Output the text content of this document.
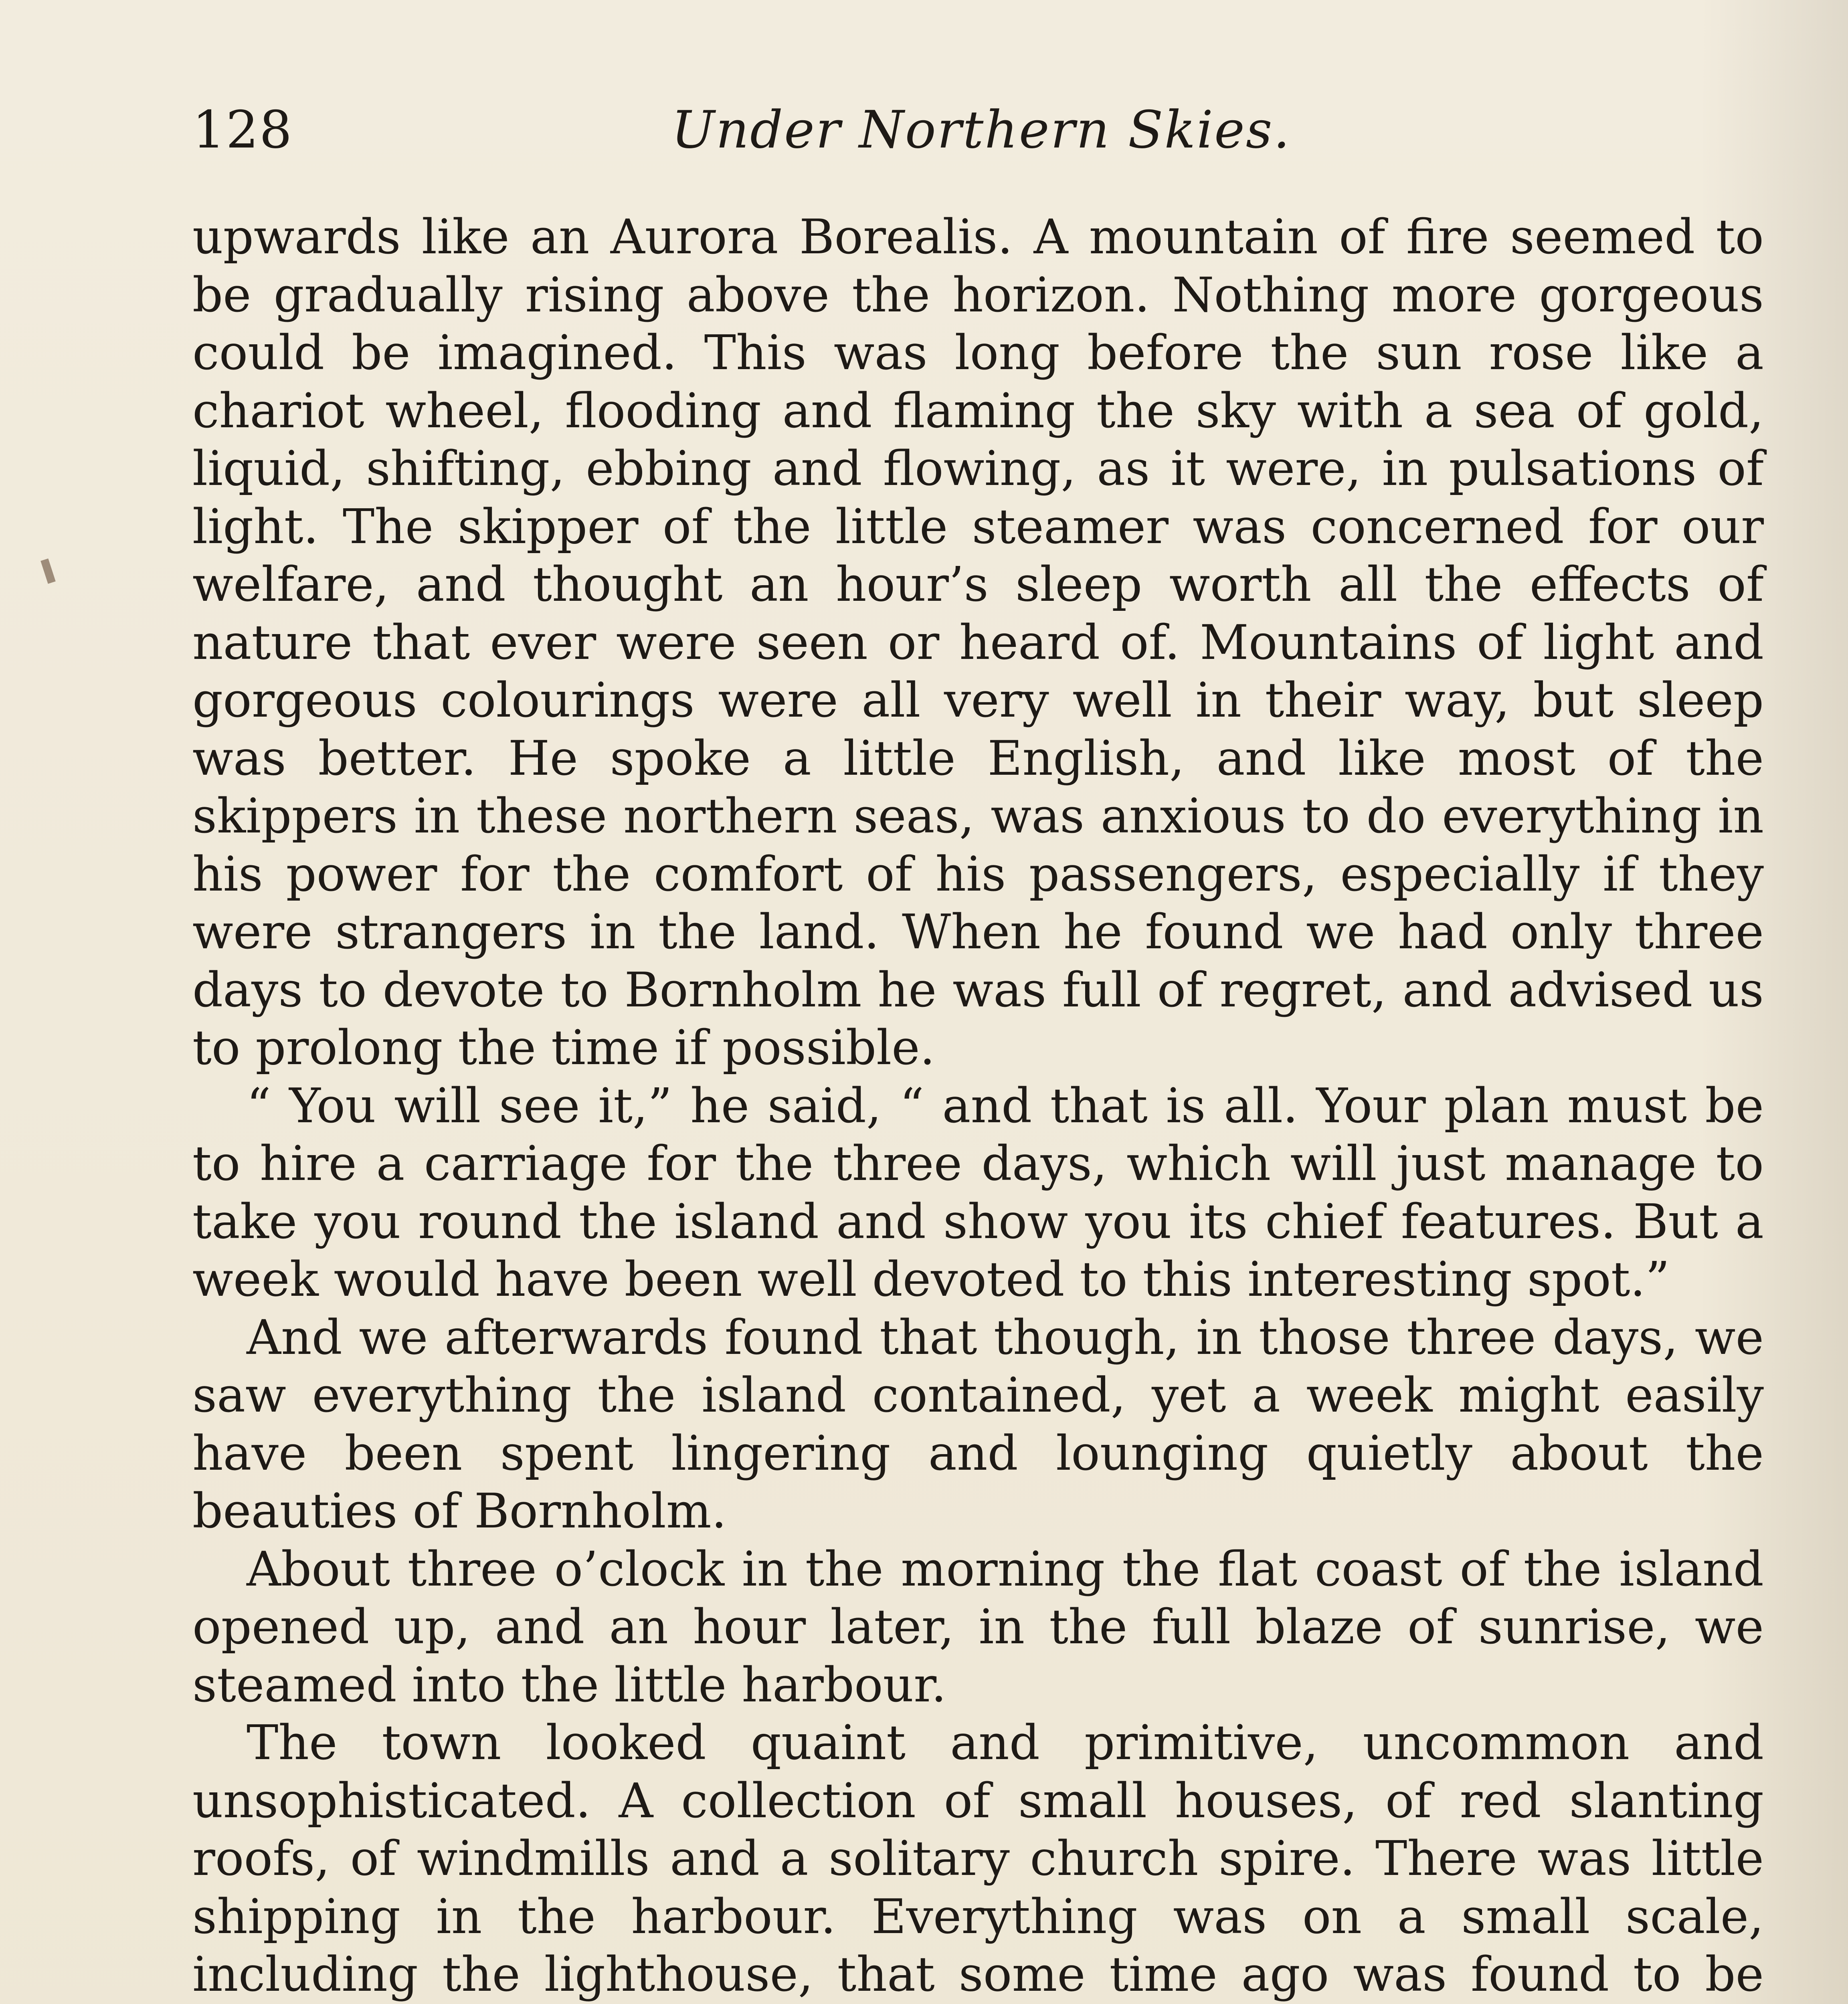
128	Under Northern Skies.

upwards like an Aurora Borealis. A mountain of fire seemed to be gradually rising above the horizon. Nothing more gorgeous could be imagined. This was long before the sun rose like a chariot wheel, flooding and flaming the sky with a sea of gold, liquid, shifting, ebbing and flowing, as it were, in pulsations of light. The skipper of the little steamer was concerned for our welfare, and thought an hour’s sleep worth all the effects of nature that ever were seen or heard of. Mountains of light and gorgeous colourings were all very well in their way, but sleep was better. He spoke a little English, and like most of the skippers in these northern seas, was anxious to do everything in his power for the comfort of his passengers, especially if they were strangers in the land. When he found we had only three days to devote to Bornholm he was full of regret, and advised us to prolong the time if possible.

“ You will see it,” he said, “ and that is all. Your plan must be to hire a carriage for the three days, which will just manage to take you round the island and show you its chief features. But a week would have been well devoted to this interesting spot.”

And we afterwards found that though, in those three days, we saw everything the island contained, yet a week might easily have been spent lingering and lounging quietly about the beauties of Bornholm.

About three o’clock in the morning the flat coast of the island opened up, and an hour later, in the full blaze of sunrise, we steamed into the little harbour.

The town looked quaint and primitive, uncommon and unsophisticated. A collection of small houses, of red slanting roofs, of windmills and a solitary church spire. There was little shipping in the harbour. Everything was on a small scale, including the lighthouse, that some time ago was found to be
